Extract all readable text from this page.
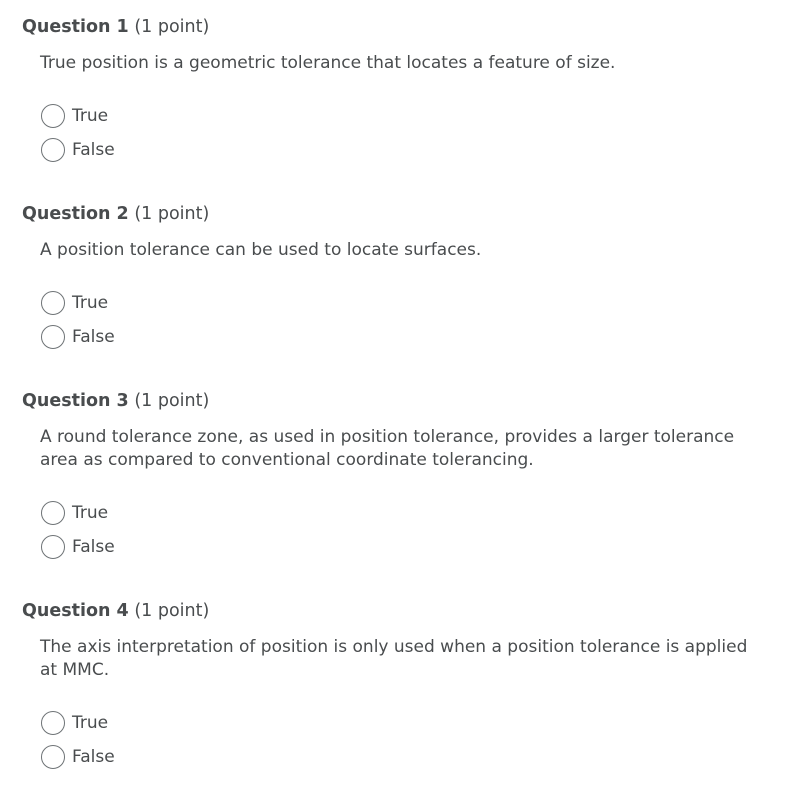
Question 1 (1 point)
True position is a geometric tolerance that locates a feature of size.
True
False
Question 2 (1 point)
A position tolerance can be used to locate surfaces.
True
False
Question 3 (1 point)
A round tolerance zone, as used in position tolerance, provides a larger tolerance area as compared to conventional coordinate tolerancing.
True
False
Question 4 (1 point)
The axis interpretation of position is only used when a position tolerance is applied at MMC.
True
False
